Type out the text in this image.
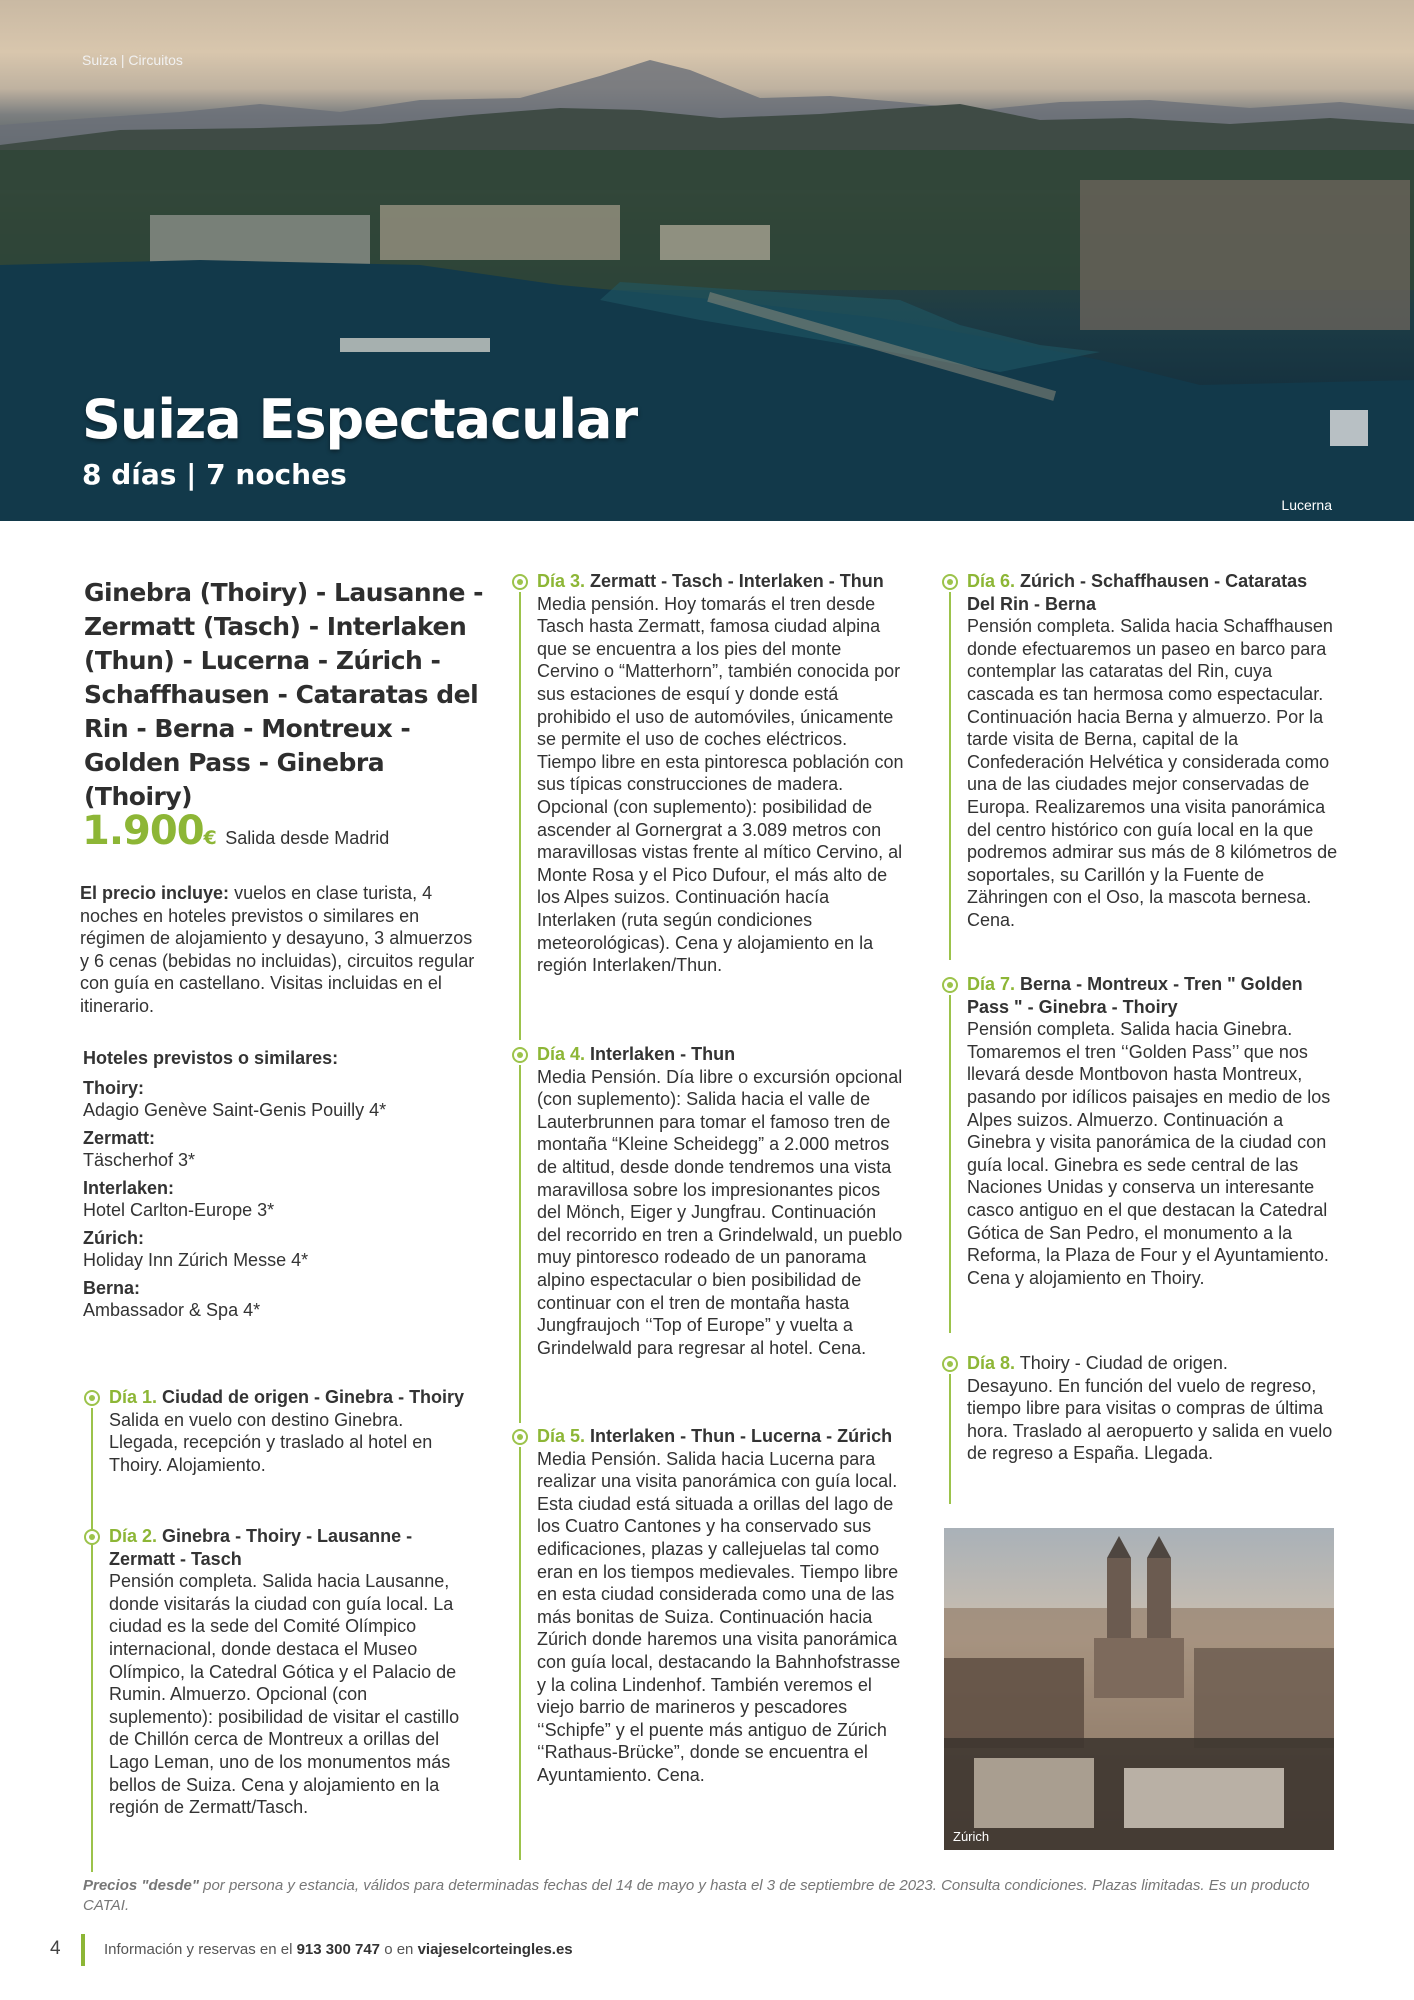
Suiza | Circuitos
Suiza Espectacular
8 días | 7 noches
Lucerna
Ginebra (Thoiry) - Lausanne - Zermatt (Tasch) - Interlaken (Thun) - Lucerna - Zúrich - Schaffhausen - Cataratas del Rin - Berna - Montreux - Golden Pass - Ginebra (Thoiry)
1.900€ Salida desde Madrid
El precio incluye: vuelos en clase turista, 4 noches en hoteles previstos o similares en régimen de alojamiento y desayuno, 3 almuerzos y 6 cenas (bebidas no incluidas), circuitos regular con guía en castellano. Visitas incluidas en el itinerario.
Hoteles previstos o similares:
Thoiry:
Adagio Genève Saint-Genis Pouilly 4*
Zermatt:
Täscherhof 3*
Interlaken:
Hotel Carlton-Europe 3*
Zúrich:
Holiday Inn Zúrich Messe 4*
Berna:
Ambassador & Spa 4*
Día 1. Ciudad de origen - Ginebra - Thoiry
Salida en vuelo con destino Ginebra. Llegada, recepción y traslado al hotel en Thoiry. Alojamiento.
Día 2. Ginebra - Thoiry - Lausanne - Zermatt - Tasch
Pensión completa. Salida hacia Lausanne, donde visitarás la ciudad con guía local. La ciudad es la sede del Comité Olímpico internacional, donde destaca el Museo Olímpico, la Catedral Gótica y el Palacio de Rumin. Almuerzo. Opcional (con suplemento): posibilidad de visitar el castillo de Chillón cerca de Montreux a orillas del Lago Leman, uno de los monumentos más bellos de Suiza. Cena y alojamiento en la región de Zermatt/Tasch.
Día 3. Zermatt - Tasch - Interlaken - Thun
Media pensión. Hoy tomarás el tren desde Tasch hasta Zermatt, famosa ciudad alpina que se encuentra a los pies del monte Cervino o “Matterhorn”, también conocida por sus estaciones de esquí y donde está prohibido el uso de automóviles, únicamente se permite el uso de coches eléctricos. Tiempo libre en esta pintoresca población con sus típicas construcciones de madera. Opcional (con suplemento): posibilidad de ascender al Gornergrat a 3.089 metros con maravillosas vistas frente al mítico Cervino, al Monte Rosa y el Pico Dufour, el más alto de los Alpes suizos. Continuación hacía Interlaken (ruta según condiciones meteorológicas). Cena y alojamiento en la región Interlaken/Thun.
Día 4. Interlaken - Thun
Media Pensión. Día libre o excursión opcional (con suplemento): Salida hacia el valle de Lauterbrunnen para tomar el famoso tren de montaña “Kleine Scheidegg” a 2.000 metros de altitud, desde donde tendremos una vista maravillosa sobre los impresionantes picos del Mönch, Eiger y Jungfrau. Continuación del recorrido en tren a Grindelwald, un pueblo muy pintoresco rodeado de un panorama alpino espectacular o bien posibilidad de continuar con el tren de montaña hasta Jungfraujoch ‘‘Top of Europe” y vuelta a Grindelwald para regresar al hotel. Cena.
Día 5. Interlaken - Thun - Lucerna - Zúrich
Media Pensión. Salida hacia Lucerna para realizar una visita panorámica con guía local. Esta ciudad está situada a orillas del lago de los Cuatro Cantones y ha conservado sus edificaciones, plazas y callejuelas tal como eran en los tiempos medievales. Tiempo libre en esta ciudad considerada como una de las más bonitas de Suiza. Continuación hacia Zúrich donde haremos una visita panorámica con guía local, destacando la Bahnhofstrasse y la colina Lindenhof. También veremos el viejo barrio de marineros y pescadores ‘‘Schipfe” y el puente más antiguo de Zúrich ‘‘Rathaus-Brücke”, donde se encuentra el Ayuntamiento. Cena.
Día 6. Zúrich - Schaffhausen - Cataratas Del Rin - Berna
Pensión completa. Salida hacia Schaffhausen donde efectuaremos un paseo en barco para contemplar las cataratas del Rin, cuya cascada es tan hermosa como espectacular. Continuación hacia Berna y almuerzo. Por la tarde visita de Berna, capital de la Confederación Helvética y considerada como una de las ciudades mejor conservadas de Europa. Realizaremos una visita panorámica del centro histórico con guía local en la que podremos admirar sus más de 8 kilómetros de soportales, su Carillón y la Fuente de Zähringen con el Oso, la mascota bernesa. Cena.
Día 7. Berna - Montreux - Tren " Golden Pass " - Ginebra - Thoiry
Pensión completa. Salida hacia Ginebra. Tomaremos el tren ‘‘Golden Pass’’ que nos llevará desde Montbovon hasta Montreux, pasando por idílicos paisajes en medio de los Alpes suizos. Almuerzo. Continuación a Ginebra y visita panorámica de la ciudad con guía local. Ginebra es sede central de las Naciones Unidas y conserva un interesante casco antiguo en el que destacan la Catedral Gótica de San Pedro, el monumento a la Reforma, la Plaza de Four y el Ayuntamiento. Cena y alojamiento en Thoiry.
Día 8. Thoiry - Ciudad de origen.
Desayuno. En función del vuelo de regreso, tiempo libre para visitas o compras de última hora. Traslado al aeropuerto y salida en vuelo de regreso a España. Llegada.
Zúrich
Precios "desde" por persona y estancia, válidos para determinadas fechas del 14 de mayo y hasta el 3 de septiembre de 2023. Consulta condiciones. Plazas limitadas. Es un producto CATAI.
4	Información y reservas en el 913 300 747 o en viajeselcorteingles.es
